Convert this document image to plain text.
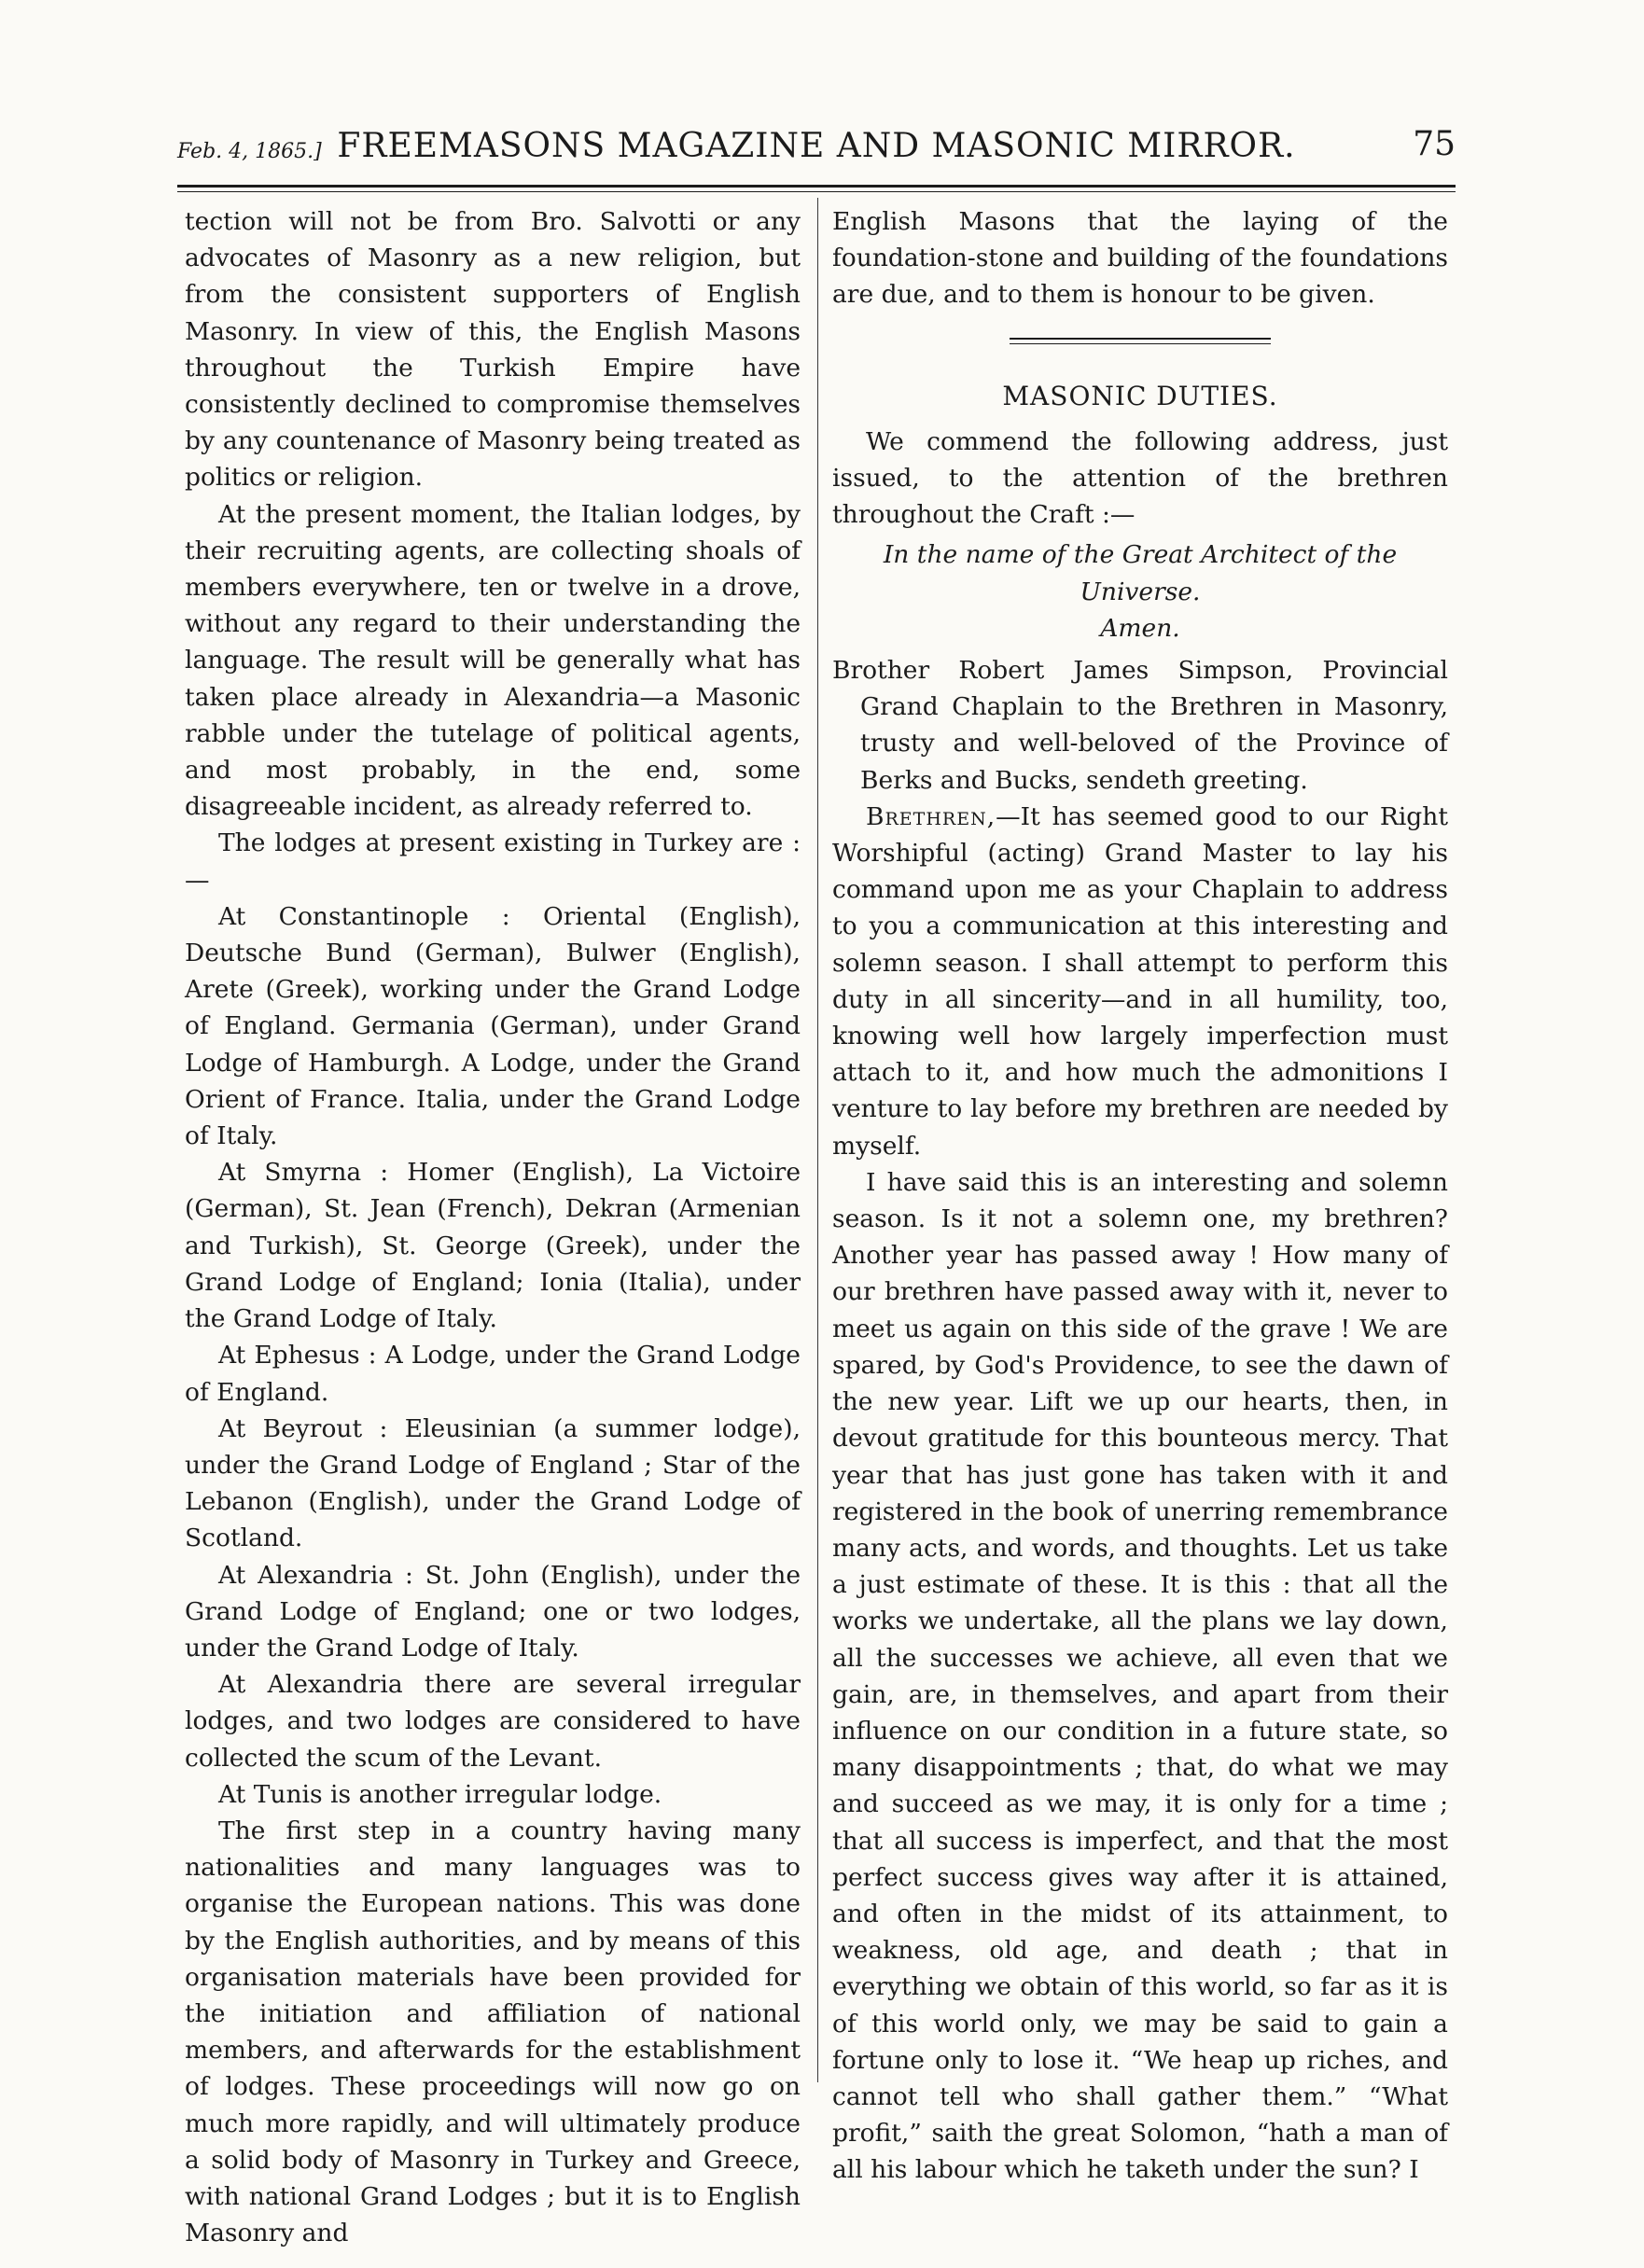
Feb. 4, 1865.] FREEMASONS MAGAZINE AND MASONIC MIRROR.	75

tection will not be from Bro. Salvotti or any advocates of Masonry as a new religion, but from the consistent supporters of English Masonry. In view of this, the English Masons throughout the Turkish Empire have consistently declined to compromise themselves by any countenance of Masonry being treated as politics or religion.

At the present moment, the Italian lodges, by their recruiting agents, are collecting shoals of members everywhere, ten or twelve in a drove, without any regard to their understanding the language. The result will be generally what has taken place already in Alexandria—a Masonic rabble under the tutelage of political agents, and most probably, in the end, some disagreeable incident, as already referred to.

The lodges at present existing in Turkey are :—

At Constantinople : Oriental (English), Deutsche Bund (German), Bulwer (English), Arete (Greek), working under the Grand Lodge of England. Germania (German), under Grand Lodge of Hamburgh. A Lodge, under the Grand Orient of France. Italia, under the Grand Lodge of Italy.

At Smyrna : Homer (English), La Victoire (German), St. Jean (French), Dekran (Armenian and Turkish), St. George (Greek), under the Grand Lodge of England; Ionia (Italia), under the Grand Lodge of Italy.

At Ephesus : A Lodge, under the Grand Lodge of England.

At Beyrout : Eleusinian (a summer lodge), under the Grand Lodge of England ; Star of the Lebanon (English), under the Grand Lodge of Scotland.

At Alexandria : St. John (English), under the Grand Lodge of England; one or two lodges, under the Grand Lodge of Italy.

At Alexandria there are several irregular lodges, and two lodges are considered to have collected the scum of the Levant.

At Tunis is another irregular lodge.

The first step in a country having many nationalities and many languages was to organise the European nations. This was done by the English authorities, and by means of this organisation materials have been provided for the initiation and affiliation of national members, and afterwards for the establishment of lodges. These proceedings will now go on much more rapidly, and will ultimately produce a solid body of Masonry in Turkey and Greece, with national Grand Lodges ; but it is to English Masonry and

English Masons that the laying of the foundation-stone and building of the foundations are due, and to them is honour to be given.

MASONIC DUTIES.

We commend the following address, just issued, to the attention of the brethren throughout the Craft :—

In the name of the Great Architect of the Universe.
Amen.

Brother Robert James Simpson, Provincial Grand Chaplain to the Brethren in Masonry, trusty and well-beloved of the Province of Berks and Bucks, sendeth greeting.

Brethren,—It has seemed good to our Right Worshipful (acting) Grand Master to lay his command upon me as your Chaplain to address to you a communication at this interesting and solemn season. I shall attempt to perform this duty in all sincerity—and in all humility, too, knowing well how largely imperfection must attach to it, and how much the admonitions I venture to lay before my brethren are needed by myself.

I have said this is an interesting and solemn season. Is it not a solemn one, my brethren? Another year has passed away ! How many of our brethren have passed away with it, never to meet us again on this side of the grave ! We are spared, by God's Providence, to see the dawn of the new year. Lift we up our hearts, then, in devout gratitude for this bounteous mercy. That year that has just gone has taken with it and registered in the book of unerring remembrance many acts, and words, and thoughts. Let us take a just estimate of these. It is this : that all the works we undertake, all the plans we lay down, all the successes we achieve, all even that we gain, are, in themselves, and apart from their influence on our condition in a future state, so many disappointments ; that, do what we may and succeed as we may, it is only for a time ; that all success is imperfect, and that the most perfect success gives way after it is attained, and often in the midst of its attainment, to weakness, old age, and death ; that in everything we obtain of this world, so far as it is of this world only, we may be said to gain a fortune only to lose it. “We heap up riches, and cannot tell who shall gather them.” “What profit,” saith the great Solomon, “hath a man of all his labour which he taketh under the sun? I
